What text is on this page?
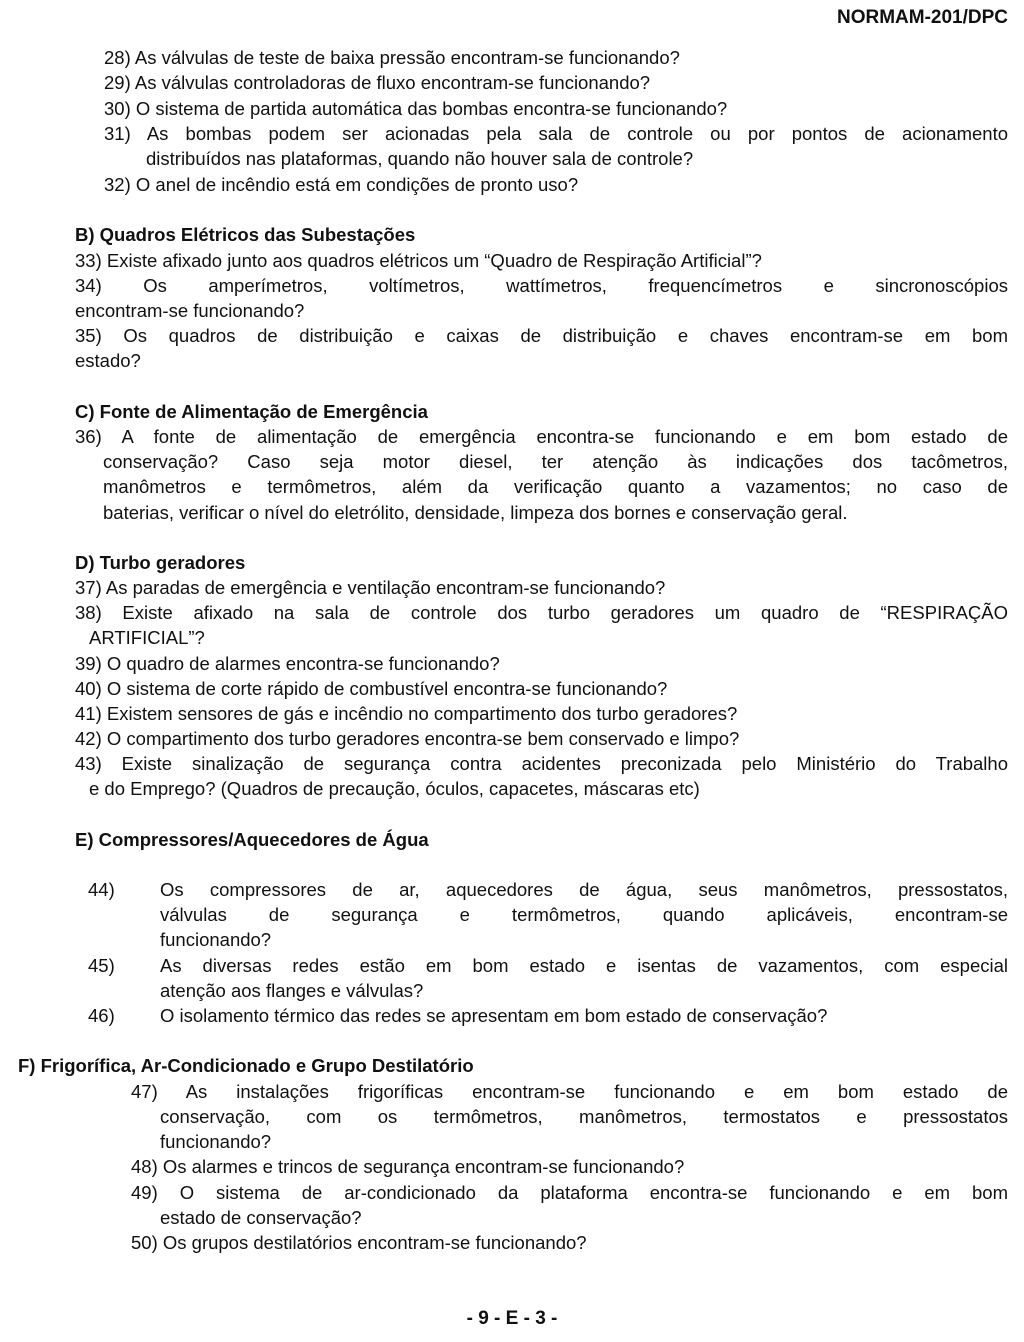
NORMAM-201/DPC
28) As válvulas de teste de baixa pressão encontram-se funcionando?
29) As válvulas controladoras de fluxo encontram-se funcionando?
30) O sistema de partida automática das bombas encontra-se funcionando?
31) As bombas podem ser acionadas pela sala de controle ou por pontos de acionamento
distribuídos nas plataformas, quando não houver sala de controle?
32) O anel de incêndio está em condições de pronto uso?
B) Quadros Elétricos das Subestações
33) Existe afixado junto aos quadros elétricos um “Quadro de Respiração Artificial”?
34) Os amperímetros, voltímetros, wattímetros, frequencímetros e sincronoscópios
encontram-se funcionando?
35) Os quadros de distribuição e caixas de distribuição e chaves encontram-se em bom
estado?
C) Fonte de Alimentação de Emergência
36) A fonte de alimentação de emergência encontra-se funcionando e em bom estado de
conservação? Caso seja motor diesel, ter atenção às indicações dos tacômetros,
manômetros e termômetros, além da verificação quanto a vazamentos; no caso de
baterias, verificar o nível do eletrólito, densidade, limpeza dos bornes e conservação geral.
D) Turbo geradores
37) As paradas de emergência e ventilação encontram-se funcionando?
38) Existe afixado na sala de controle dos turbo geradores um quadro de “RESPIRAÇÃO
ARTIFICIAL”?
39) O quadro de alarmes encontra-se funcionando?
40) O sistema de corte rápido de combustível encontra-se funcionando?
41) Existem sensores de gás e incêndio no compartimento dos turbo geradores?
42) O compartimento dos turbo geradores encontra-se bem conservado e limpo?
43) Existe sinalização de segurança contra acidentes preconizada pelo Ministério do Trabalho
e do Emprego? (Quadros de precaução, óculos, capacetes, máscaras etc)
E) Compressores/Aquecedores de Água
44) Os compressores de ar, aquecedores de água, seus manômetros, pressostatos,
válvulas de segurança e termômetros, quando aplicáveis, encontram-se
funcionando?
45) As diversas redes estão em bom estado e isentas de vazamentos, com especial
atenção aos flanges e válvulas?
46) O isolamento térmico das redes se apresentam em bom estado de conservação?
F) Frigorífica, Ar-Condicionado e Grupo Destilatório
47) As instalações frigoríficas encontram-se funcionando e em bom estado de
conservação, com os termômetros, manômetros, termostatos e pressostatos
funcionando?
48) Os alarmes e trincos de segurança encontram-se funcionando?
49) O sistema de ar-condicionado da plataforma encontra-se funcionando e em bom
estado de conservação?
50) Os grupos destilatórios encontram-se funcionando?
- 9 - E - 3 -
